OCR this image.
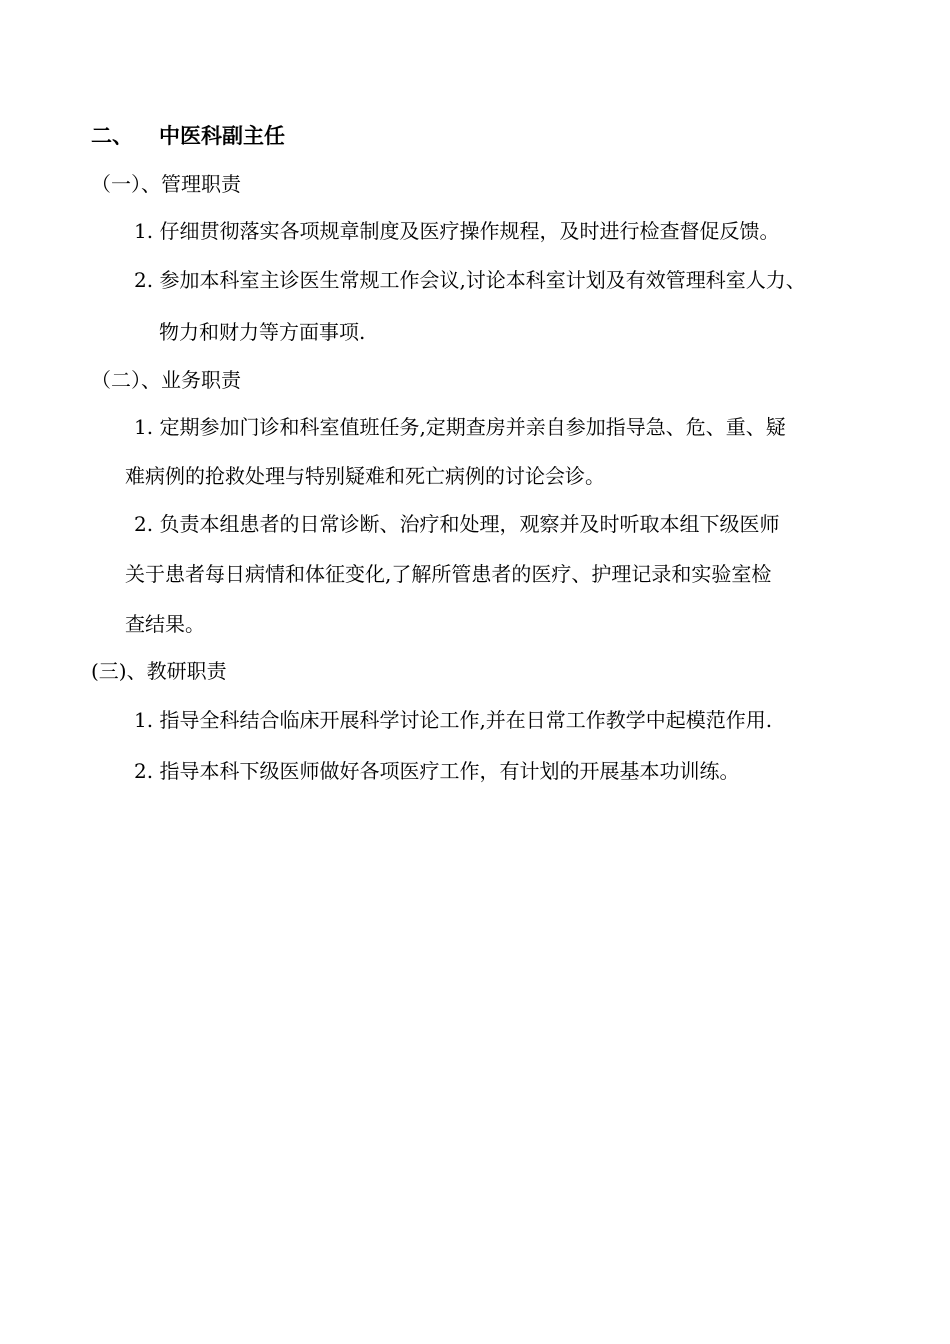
二、 中医科副主任
（一）、管理职责
1. 仔细贯彻落实各项规章制度及医疗操作规程，及时进行检查督促反馈。
2. 参加本科室主诊医生常规工作会议,讨论本科室计划及有效管理科室人力、
物力和财力等方面事项.
（二）、业务职责
1. 定期参加门诊和科室值班任务,定期查房并亲自参加指导急、危、重、疑
难病例的抢救处理与特别疑难和死亡病例的讨论会诊。
2. 负责本组患者的日常诊断、治疗和处理，观察并及时听取本组下级医师
关于患者每日病情和体征变化,了解所管患者的医疗、护理记录和实验室检
查结果。
(三)、教研职责
1. 指导全科结合临床开展科学讨论工作,并在日常工作教学中起模范作用.
2. 指导本科下级医师做好各项医疗工作，有计划的开展基本功训练。
